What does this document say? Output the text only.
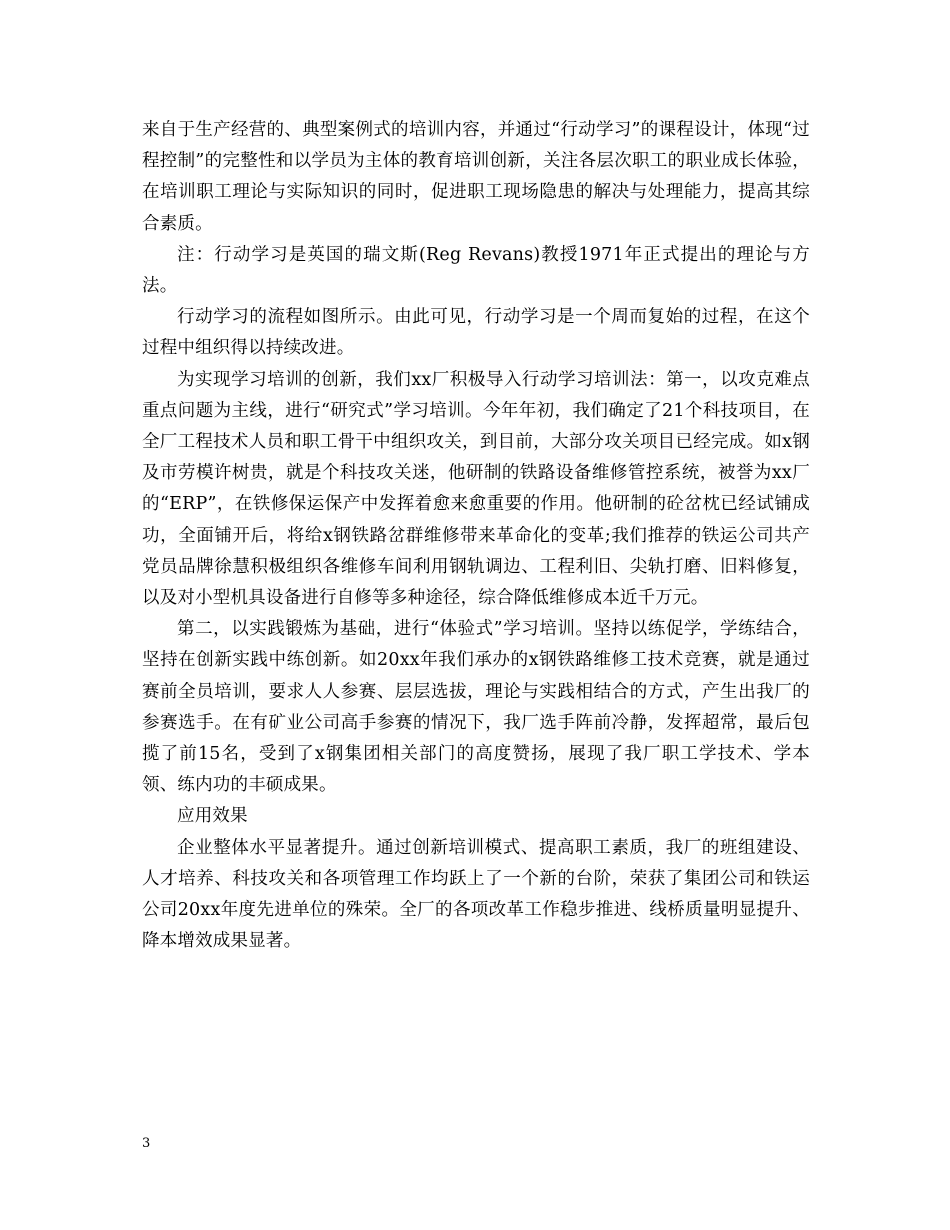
来自于生产经营的、典型案例式的培训内容，并通过“行动学习”的课程设计，体现“过程控制”的完整性和以学员为主体的教育培训创新，关注各层次职工的职业成长体验，在培训职工理论与实际知识的同时，促进职工现场隐患的解决与处理能力，提高其综合素质。

注：行动学习是英国的瑞文斯(Reg Revans)教授1971年正式提出的理论与方法。

行动学习的流程如图所示。由此可见，行动学习是一个周而复始的过程，在这个过程中组织得以持续改进。

为实现学习培训的创新，我们xx厂积极导入行动学习培训法：第一，以攻克难点重点问题为主线，进行“研究式”学习培训。今年年初，我们确定了21个科技项目，在全厂工程技术人员和职工骨干中组织攻关，到目前，大部分攻关项目已经完成。如x钢及市劳模许树贵，就是个科技攻关迷，他研制的铁路设备维修管控系统，被誉为xx厂的“ERP”，在铁修保运保产中发挥着愈来愈重要的作用。他研制的砼岔枕已经试铺成功，全面铺开后，将给x钢铁路岔群维修带来革命化的变革;我们推荐的铁运公司共产党员品牌徐慧积极组织各维修车间利用钢轨调边、工程利旧、尖轨打磨、旧料修复，以及对小型机具设备进行自修等多种途径，综合降低维修成本近千万元。

第二，以实践锻炼为基础，进行“体验式”学习培训。坚持以练促学，学练结合，坚持在创新实践中练创新。如20xx年我们承办的x钢铁路维修工技术竞赛，就是通过赛前全员培训，要求人人参赛、层层选拔，理论与实践相结合的方式，产生出我厂的参赛选手。在有矿业公司高手参赛的情况下，我厂选手阵前冷静，发挥超常，最后包揽了前15名，受到了x钢集团相关部门的高度赞扬，展现了我厂职工学技术、学本领、练内功的丰硕成果。

应用效果

企业整体水平显著提升。通过创新培训模式、提高职工素质，我厂的班组建设、人才培养、科技攻关和各项管理工作均跃上了一个新的台阶，荣获了集团公司和铁运公司20xx年度先进单位的殊荣。全厂的各项改革工作稳步推进、线桥质量明显提升、降本增效成果显著。

3
